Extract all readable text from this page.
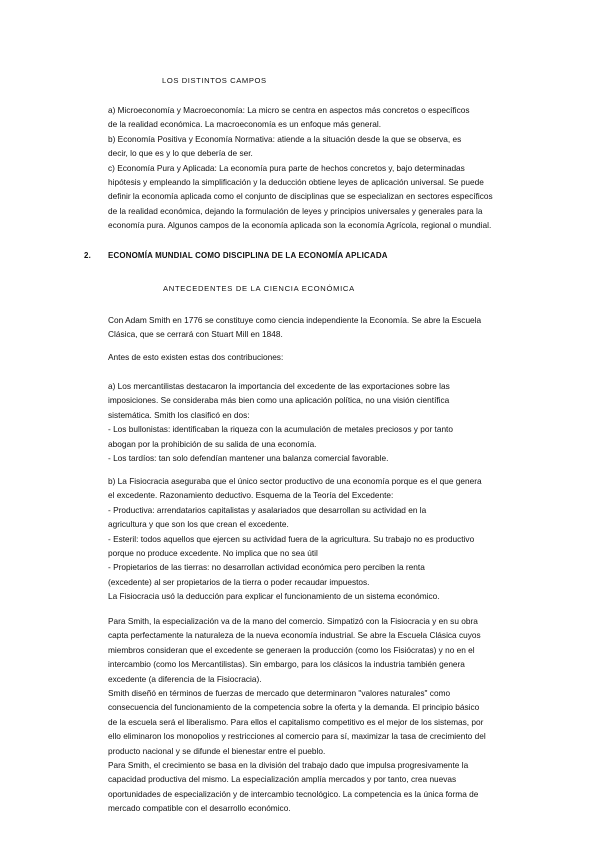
LOS DISTINTOS CAMPOS

a) Microeconomía y Macroeconomía: La micro se centra en aspectos más concretos o específicos

de la realidad económica. La macroeconomía es un enfoque más general.

b) Economía Positiva y Economía Normativa: atiende a la situación desde la que se observa, es

decir, lo que es y lo que debería de ser.

c) Economía Pura y Aplicada: La economía pura parte de hechos concretos y, bajo determinadas

hipótesis y empleando la simplificación y la deducción obtiene leyes de aplicación universal. Se puede

definir la economía aplicada como el conjunto de disciplinas que se especializan en sectores específicos

de la realidad económica, dejando la formulación de leyes y principios universales y generales para la

economía pura. Algunos campos de la economía aplicada son la economía Agrícola, regional o mundial.

2. ECONOMÍA MUNDIAL COMO DISCIPLINA DE LA ECONOMÍA APLICADA
ANTECEDENTES DE LA CIENCIA ECONÓMICA

Con Adam Smith en 1776 se constituye como ciencia independiente la Economía. Se abre la Escuela

Clásica, que se cerrará con Stuart Mill en 1848.

Antes de esto existen estas dos contribuciones:

a) Los mercantilistas destacaron la importancia del excedente de las exportaciones sobre las

imposiciones. Se consideraba más bien como una aplicación política, no una visión científica

sistemática. Smith los clasificó en dos:

- Los bullonistas: identificaban la riqueza con la acumulación de metales preciosos y por tanto

abogan por la prohibición de su salida de una economía.

- Los tardíos: tan solo defendían mantener una balanza comercial favorable.

b) La Fisiocracia aseguraba que el único sector productivo de una economía porque es el que genera

el excedente. Razonamiento deductivo. Esquema de la Teoría del Excedente:

- Productiva: arrendatarios capitalistas y asalariados que desarrollan su actividad en la

agricultura y que son los que crean el excedente.

- Esteril: todos aquellos que ejercen su actividad fuera de la agricultura. Su trabajo no es productivo

porque no produce excedente. No implica que no sea útil

- Propietarios de las tierras: no desarrollan actividad económica pero perciben la renta

(excedente) al ser propietarios de la tierra o poder recaudar impuestos.

La Fisiocracia usó la deducción para explicar el funcionamiento de un sistema económico.

Para Smith, la especialización va de la mano del comercio. Simpatizó con la Fisiocracia y en su obra

capta perfectamente la naturaleza de la nueva economía industrial. Se abre la Escuela Clásica cuyos

miembros consideran que el excedente se generaen la producción (como los Fisiócratas) y no en el

intercambio (como los Mercantilistas). Sin embargo, para los clásicos la industria también genera

excedente (a diferencia de la Fisiocracia).

Smith diseñó en términos de fuerzas de mercado que determinaron "valores naturales" como

consecuencia del funcionamiento de la competencia sobre la oferta y la demanda. El principio básico

de la escuela será el liberalismo. Para ellos el capitalismo competitivo es el mejor de los sistemas, por

ello eliminaron los monopolios y restricciones al comercio para sí, maximizar la tasa de crecimiento del

producto nacional y se difunde el bienestar entre el pueblo.

Para Smith, el crecimiento se basa en la división del trabajo dado que impulsa progresivamente la

capacidad productiva del mismo. La especialización amplía mercados y por tanto, crea nuevas

oportunidades de especialización y de intercambio tecnológico. La competencia es la única forma de

mercado compatible con el desarrollo económico.
